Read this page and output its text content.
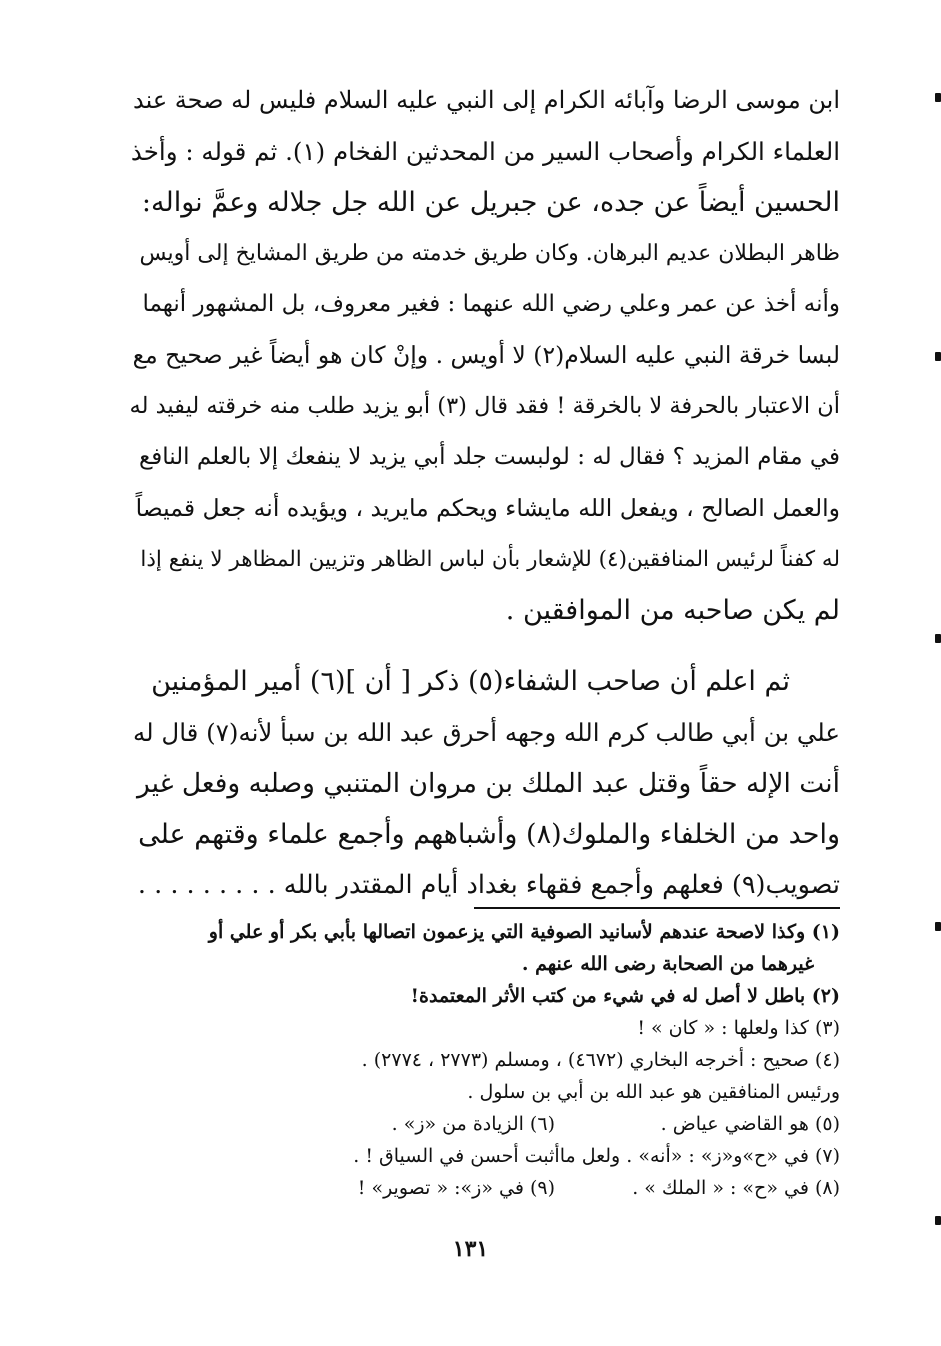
ابن موسى الرضا وآبائه الكرام إلى النبي عليه السلام فليس له صحة عند
العلماء الكرام وأصحاب السير من المحدثين الفخام (١). ثم قوله : وأخذ
الحسين أيضاً عن جده، عن جبريل عن الله جل جلاله وعمَّ نواله:
ظاهر البطلان عديم البرهان. وكان طريق خدمته من طريق المشايخ إلى أويس
وأنه أخذ عن عمر وعلي رضي الله عنهما : فغير معروف، بل المشهور أنهما
لبسا خرقة النبي عليه السلام(٢) لا أويس . وإنْ كان هو أيضاً غير صحيح مع
أن الاعتبار بالحرفة لا بالخرقة ! فقد قال (٣) أبو يزيد طلب منه خرقته ليفيد له
في مقام المزيد ؟ فقال له : لولبست جلد أبي يزيد لا ينفعك إلا بالعلم النافع
والعمل الصالح ، ويفعل الله مايشاء ويحكم مايريد ، ويؤيده أنه جعل قميصاً
له كفناً لرئيس المنافقين(٤) للإشعار بأن لباس الظاهر وتزيين المظاهر لا ينفع إذا
لم يكن صاحبه من الموافقين .
ثم اعلم أن صاحب الشفاء(٥) ذكر [ أن ](٦) أمير المؤمنين
علي بن أبي طالب كرم الله وجهه أحرق عبد الله بن سبأ لأنه(٧) قال له
أنت الإله حقاً وقتل عبد الملك بن مروان المتنبي وصلبه وفعل غير
واحد من الخلفاء والملوك(٨) وأشباههم وأجمع علماء وقتهم على
تصويب(٩) فعلهم وأجمع فقهاء بغداد أيام المقتدر بالله . . . . . . . . .
(١) وكذا لاصحة عندهم لأسانيد الصوفية التي يزعمون اتصالها بأبي بكر أو علي أو
غيرهما من الصحابة رضى الله عنهم .
(٢) باطل لا أصل له في شيء من كتب الأثر المعتمدة!
(٣) كذا ولعلها : « كان » !
(٤) صحيح : أخرجه البخاري (٤٦٧٢) ، ومسلم (٢٧٧٣ ، ٢٧٧٤) .
ورئيس المنافقين هو عبد الله بن أبي بن سلول .
(٥) هو القاضي عياض .(٦) الزيادة من «ز» .
(٧) في «ح»و«ز» : «أنه» . ولعل ماأثبت أحسن في السياق ! .
(٨) في «ح» : « الملك » .(٩) في «ز»: « تصوير» !
١٣١
